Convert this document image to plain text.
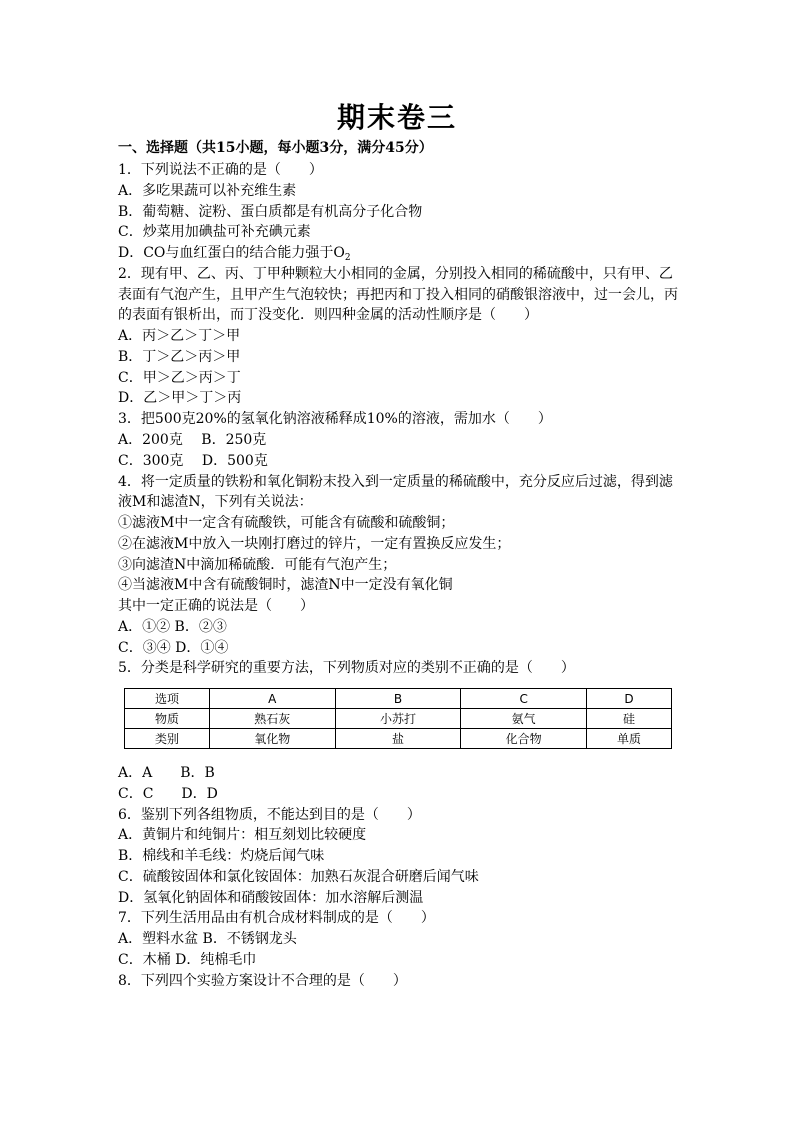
期末卷三
一、选择题（共15小题，每小题3分，满分45分）
1．下列说法不正确的是（　　）
A．多吃果蔬可以补充维生素
B．葡萄糖、淀粉、蛋白质都是有机高分子化合物
C．炒菜用加碘盐可补充碘元素
D．CO与血红蛋白的结合能力强于$O_2$
2．现有甲、乙、丙、丁甲种颗粒大小相同的金属，分别投入相同的稀硫酸中，只有甲、乙
表面有气泡产生，且甲产生气泡较快；再把丙和丁投入相同的硝酸银溶液中，过一会儿，丙
的表面有银析出，而丁没变化．则四种金属的活动性顺序是（　　）
A．丙＞乙＞丁＞甲
B．丁＞乙＞丙＞甲
C．甲＞乙＞丙＞丁
D．乙＞甲＞丁＞丙
3．把500克20%的氢氧化钠溶液稀释成10%的溶液，需加水（　　）
A．200克　 B．250克
C．300克　 D．500克
4．将一定质量的铁粉和氧化铜粉末投入到一定质量的稀硫酸中，充分反应后过滤，得到滤
液M和滤渣N，下列有关说法：
①滤液M中一定含有硫酸铁，可能含有硫酸和硫酸铜；
②在滤液M中放入一块刚打磨过的锌片，一定有置换反应发生；
③向滤渣N中滴加稀硫酸．可能有气泡产生；
④当滤液M中含有硫酸铜时，滤渣N中一定没有氧化铜
其中一定正确的说法是（　　）
A．①② B．②③
C．③④ D．①④
5．分类是科学研究的重要方法，下列物质对应的类别不正确的是（　　）
选项	A	B	C	D
物质	熟石灰	小苏打	氨气	硅
类别	氧化物	盐	化合物	单质
A．A　　B．B
C．C　　D．D
6．鉴别下列各组物质，不能达到目的是（　　）
A．黄铜片和纯铜片：相互刻划比较硬度
B．棉线和羊毛线：灼烧后闻气味
C．硫酸铵固体和氯化铵固体：加熟石灰混合研磨后闻气味
D．氢氧化钠固体和硝酸铵固体：加水溶解后测温
7．下列生活用品由有机合成材料制成的是（　　）
A．塑料水盆 B．不锈钢龙头
C．木桶 D．纯棉毛巾
8．下列四个实验方案设计不合理的是（　　）
